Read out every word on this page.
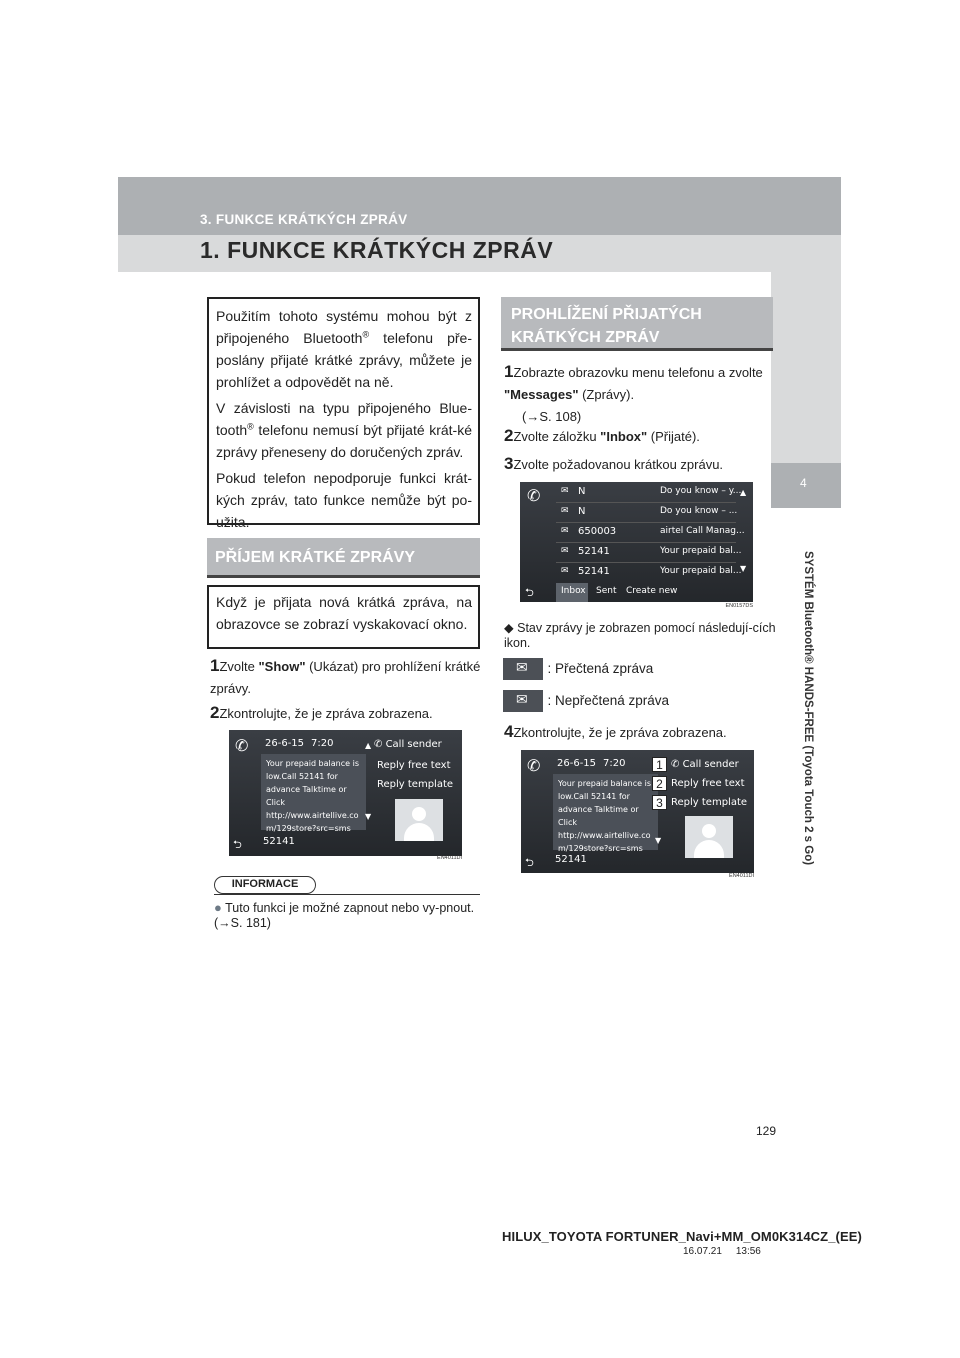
3. FUNKCE KRÁTKÝCH ZPRÁV
1. FUNKCE KRÁTKÝCH ZPRÁV
4
SYSTÉM Bluetooth® HANDS-FREE (Toyota Touch 2 s Go)

Použitím tohoto systému mohou být z připojeného Bluetooth® telefonu pře-poslány přijaté krátké zprávy, můžete je prohlížet a odpovědět na ně.

V závislosti na typu připojeného Blue-tooth® telefonu nemusí být přijaté krát-ké zprávy přeneseny do doručených zpráv.

Pokud telefon nepodporuje funkci krát-kých zpráv, tato funkce nemůže být po-užita.

PŘÍJEM KRÁTKÉ ZPRÁVY

Když je přijata nová krátká zpráva, na obrazovce se zobrazí vyskakovací okno.

1Zvolte "Show" (Ukázat) pro prohlížení krátké zprávy.
2Zkontrolujte, že je zpráva zobrazena.
✆ 26-6-15 7:20
Your prepaid balance is
low.Call 52141 for
advance Talktime or Click
http://www.airtellive.co
m/129store?src=sms
✆ Call sender
Reply free text
Reply template
▲
▼
⮌ 52141
EN4011DI
INFORMACE
● Tuto funkci je možné zapnout nebo vy-pnout. (→S. 181)
PROHLÍŽENÍ PŘIJATÝCH KRÁTKÝCH ZPRÁV
1Zobrazte obrazovku menu telefonu a zvolte "Messages" (Zprávy).
(→S. 108)
2Zvolte záložku "Inbox" (Přijaté).
3Zvolte požadovanou krátkou zprávu.
✆ ✉ N	Do you know – y...
✉ N	Do you know – ...
✉ 650003	airtel Call Manag...
✉ 52141	Your prepaid bal...
✉ 52141	Your prepaid bal...
▲
▼
⮌	Inbox Sent Create new
EN0157DS
◆ Stav zprávy je zobrazen pomocí následují-cích ikon.
✉ : Přečtená zpráva
✉ : Nepřečtená zpráva
4Zkontrolujte, že je zpráva zobrazena.
✆ 26-6-15 7:20
Your prepaid balance is
low.Call 52141 for
advance Talktime or Click
http://www.airtellive.co
m/129store?src=sms
1
2
3
✆ Call sender
Reply free text
Reply template
▼
⮌ 52141
EN4011DI
129
HILUX_TOYOTA FORTUNER_Navi+MM_OM0K314CZ_(EE)
16.07.21     13:56
